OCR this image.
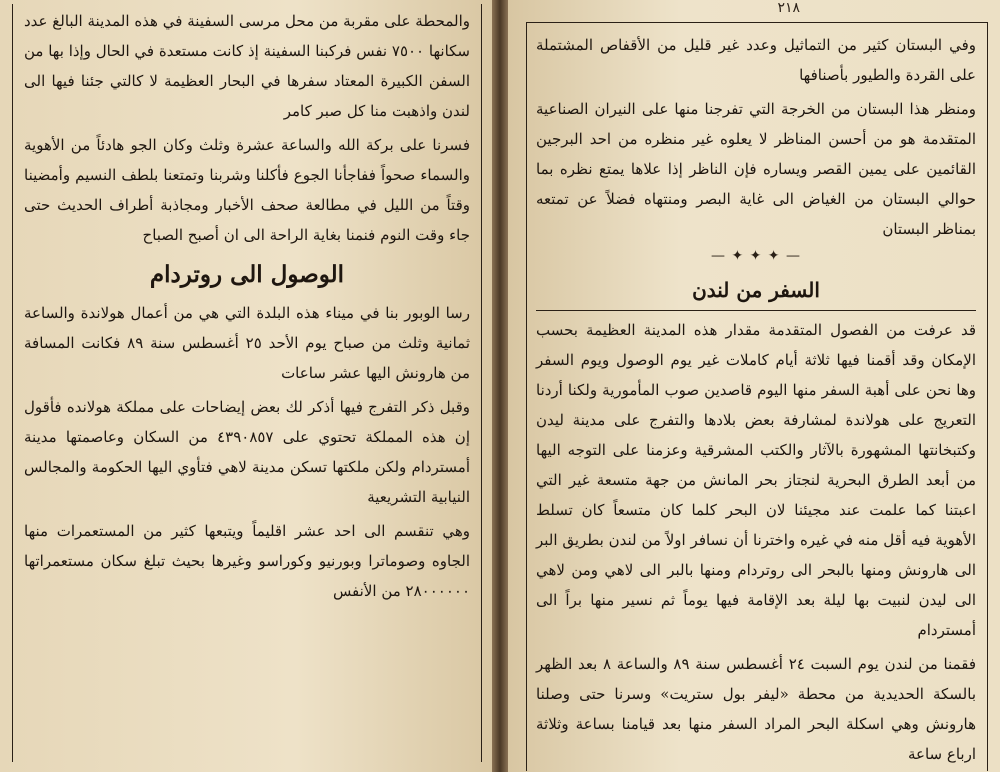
والمحطة على مقربة من محل مرسى السفينة في هذه المدينة البالغ عدد سكانها ٧٥٠٠ نفس فركبنا السفينة إذ كانت مستعدة في الحال وإذا بها من السفن الكبيرة المعتاد سفرها في البحار العظيمة لا كالتي جئنا فيها الى لندن واذهبت منا كل صبر كامر

فسرنا على بركة الله والساعة عشرة وثلث وكان الجو هادئاً من الأهوية والسماء صحواً ففاجأنا الجوع فأكلنا وشربنا وتمتعنا بلطف النسيم وأمضينا وقتاً من الليل في مطالعة صحف الأخبار ومجاذبة أطراف الحديث حتى جاء وقت النوم فنمنا بغاية الراحة الى ان أصبح الصباح

الوصول الى روتردام

رسا الوبور بنا في ميناء هذه البلدة التي هي من أعمال هولاندة والساعة ثمانية وثلث من صباح يوم الأحد ٢٥ أغسطس سنة ٨٩ فكانت المسافة من هارونش اليها عشر ساعات

وقبل ذكر التفرج فيها أذكر لك بعض إيضاحات على مملكة هولانده فأقول إن هذه المملكة تحتوي على ٤٣٩٠٨٥٧ من السكان وعاصمتها مدينة أمستردام ولكن ملكتها تسكن مدينة لاهي فتأوي اليها الحكومة والمجالس النيابية التشريعية

وهي تنقسم الى احد عشر اقليماً ويتبعها كثير من المستعمرات منها الجاوه وصوماترا وبورنيو وكوراسو وغيرها بحيث تبلغ سكان مستعمراتها ٢٨٠٠٠٠٠٠ من الأنفس

٢١٨

وفي البستان كثير من التماثيل وعدد غير قليل من الأقفاص المشتملة على القردة والطيور بأصنافها

ومنظر هذا البستان من الخرجة التي تفرجنا منها على النيران الصناعية المتقدمة هو من أحسن المناظر لا يعلوه غير منظره من احد البرجين القائمين على يمين القصر ويساره فإن الناظر إذا علاها يمتع نظره بما حوالي البستان من الغياض الى غاية البصر ومنتهاه فضلاً عن تمتعه بمناظر البستان

— ✦ ✦ ✦ —
السفر من لندن

قد عرفت من الفصول المتقدمة مقدار هذه المدينة العظيمة بحسب الإمكان وقد أقمنا فيها ثلاثة أيام كاملات غير يوم الوصول ويوم السفر وها نحن على أهبة السفر منها اليوم قاصدين صوب المأمورية ولكنا أردنا التعريج على هولاندة لمشارفة بعض بلادها والتفرج على مدينة ليدن وكتبخانتها المشهورة بالآثار والكتب المشرقية وعزمنا على التوجه اليها من أبعد الطرق البحرية لنجتاز بحر المانش من جهة متسعة غير التي اعبتنا كما علمت عند مجيئنا لان البحر كلما كان متسعاً كان تسلط الأهوية فيه أقل منه في غيره واخترنا أن نسافر اولاً من لندن بطريق البر الى هارونش ومنها بالبحر الى روتردام ومنها بالبر الى لاهي ومن لاهي الى ليدن لنبيت بها ليلة بعد الإقامة فيها يوماً ثم نسير منها براً الى أمستردام

فقمنا من لندن يوم السبت ٢٤ أغسطس سنة ٨٩ والساعة ٨ بعد الظهر بالسكة الحديدية من محطة «ليفر بول ستريت» وسرنا حتى وصلنا هارونش وهي اسكلة البحر المراد السفر منها بعد قيامنا بساعة وثلاثة ارباع ساعة
